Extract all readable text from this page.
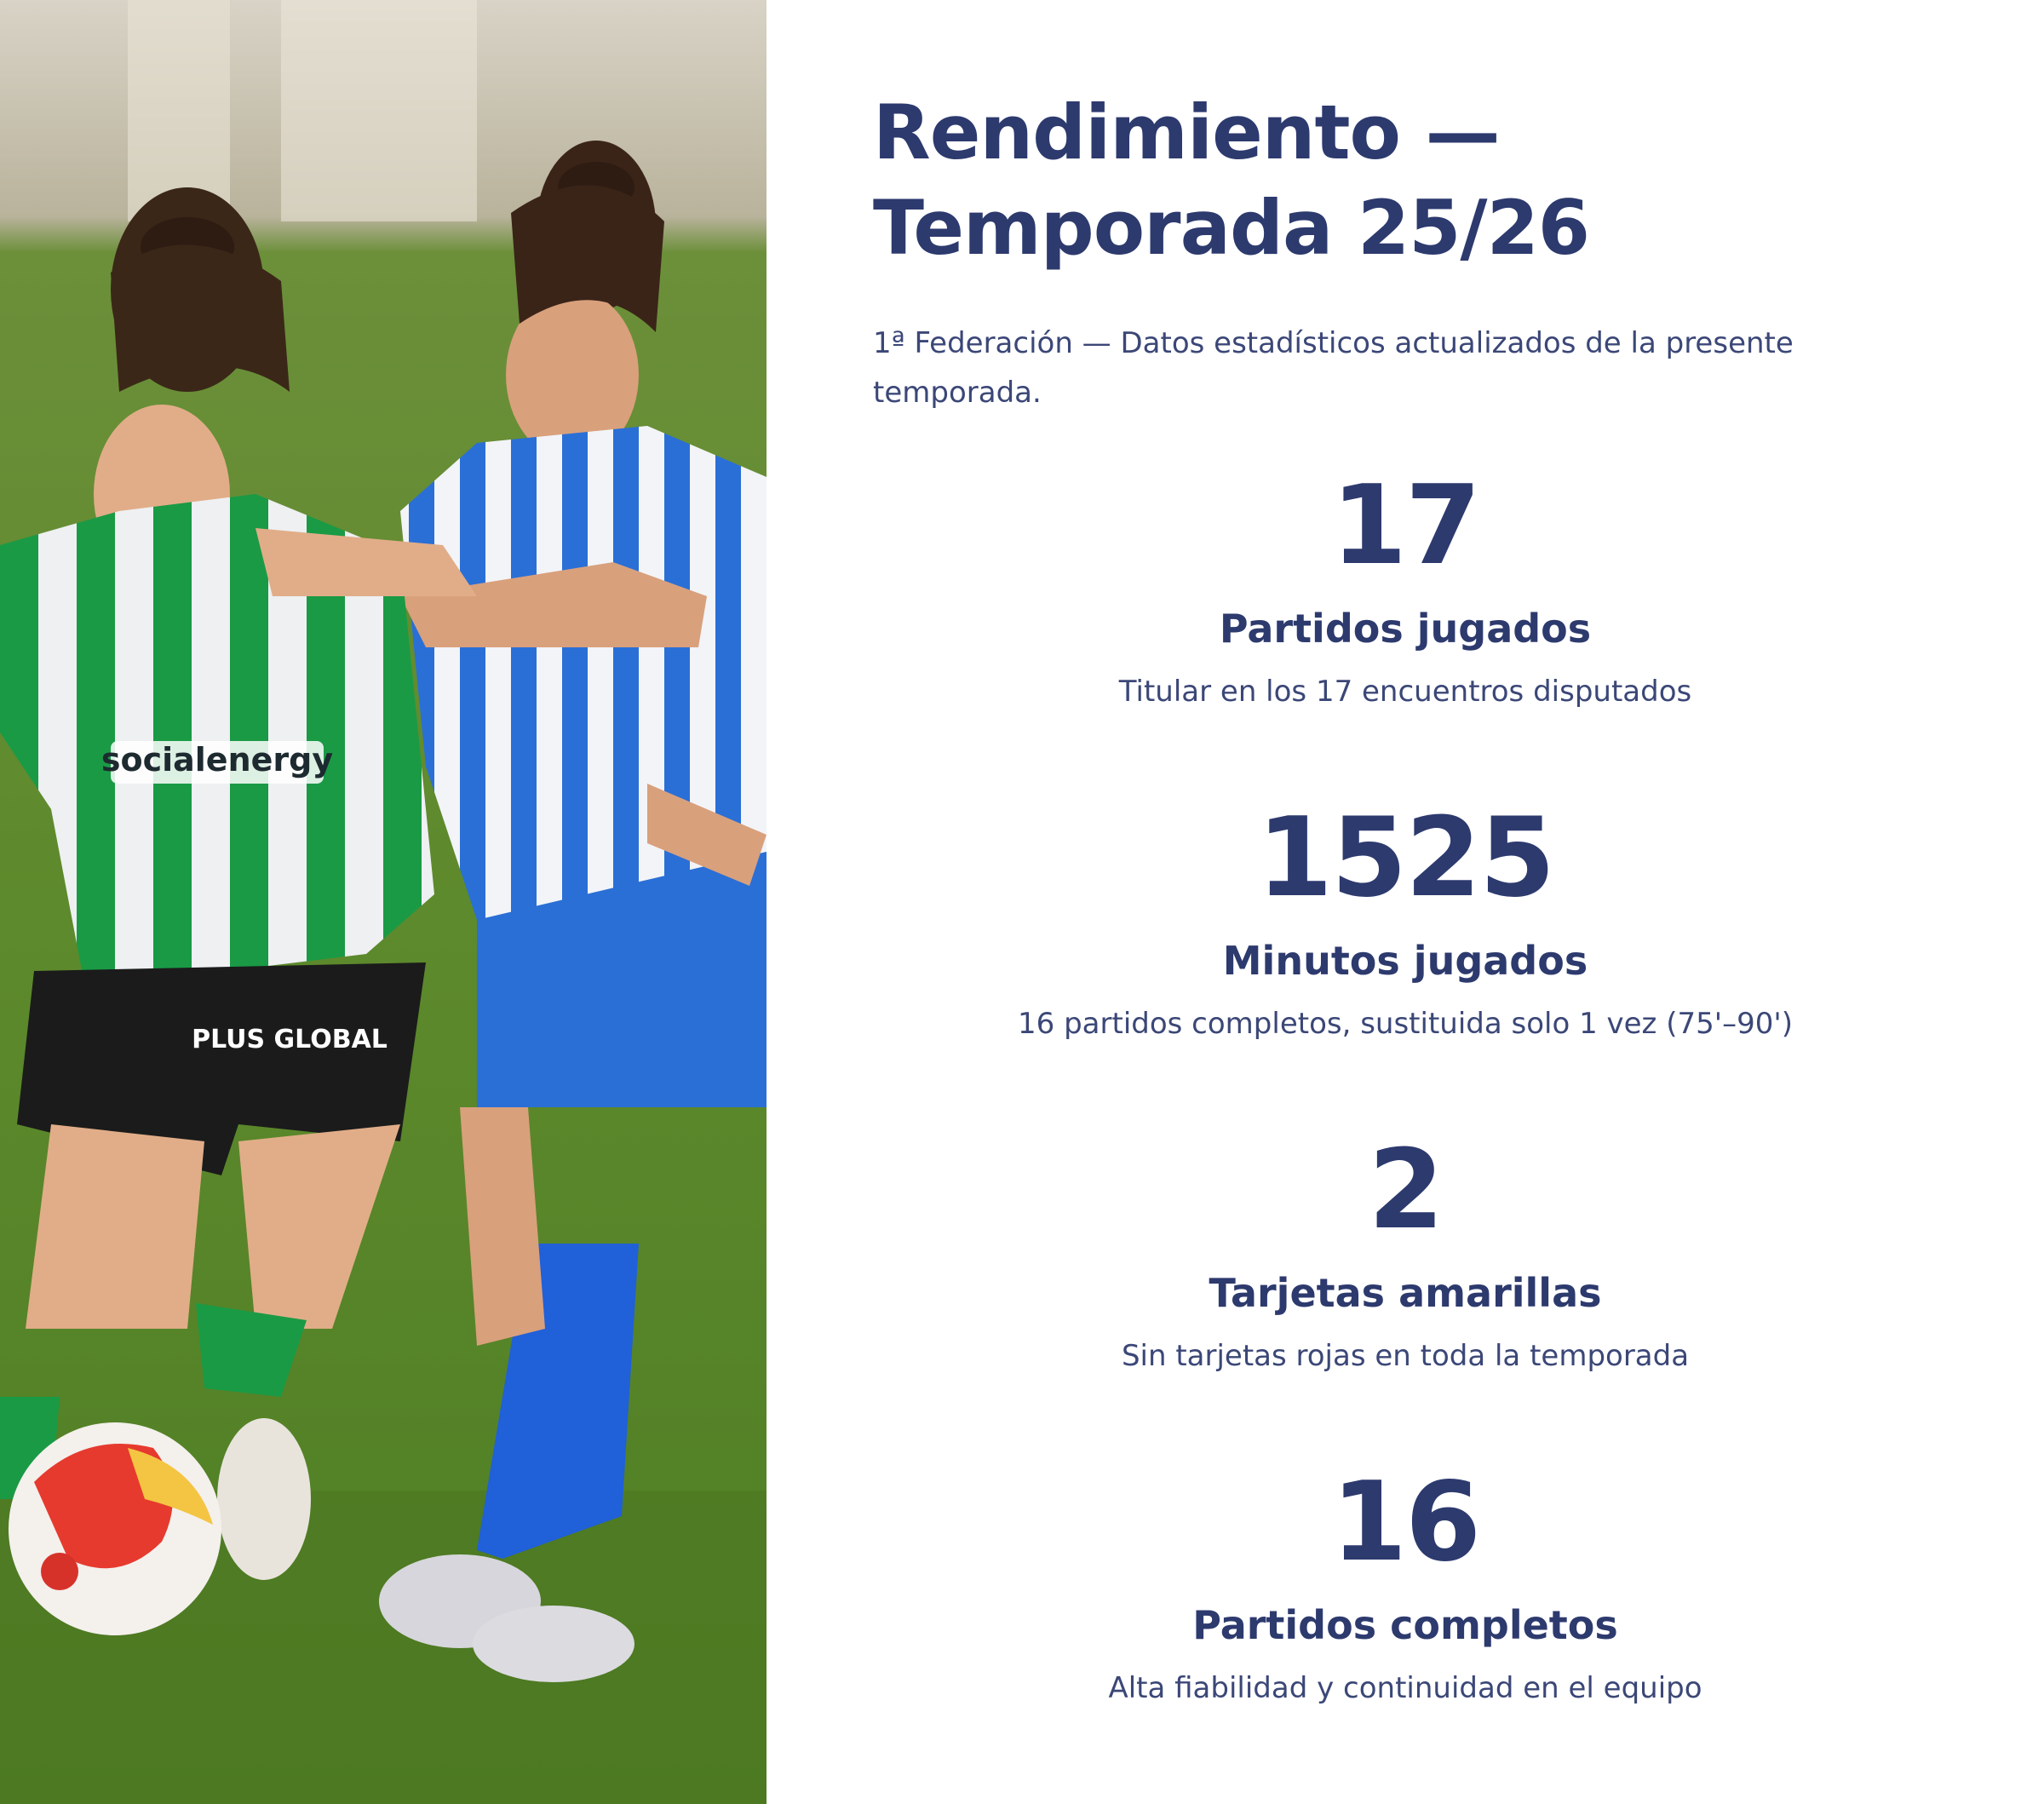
socialenergy
PLUS GLOBAL
Rendimiento —
Temporada 25/26
1ª Federación — Datos estadísticos actualizados de la presente temporada.
17
Partidos jugados
Titular en los 17 encuentros disputados
1525
Minutos jugados
16 partidos completos, sustituida solo 1 vez (75'–90')
2
Tarjetas amarillas
Sin tarjetas rojas en toda la temporada
16
Partidos completos
Alta fiabilidad y continuidad en el equipo
